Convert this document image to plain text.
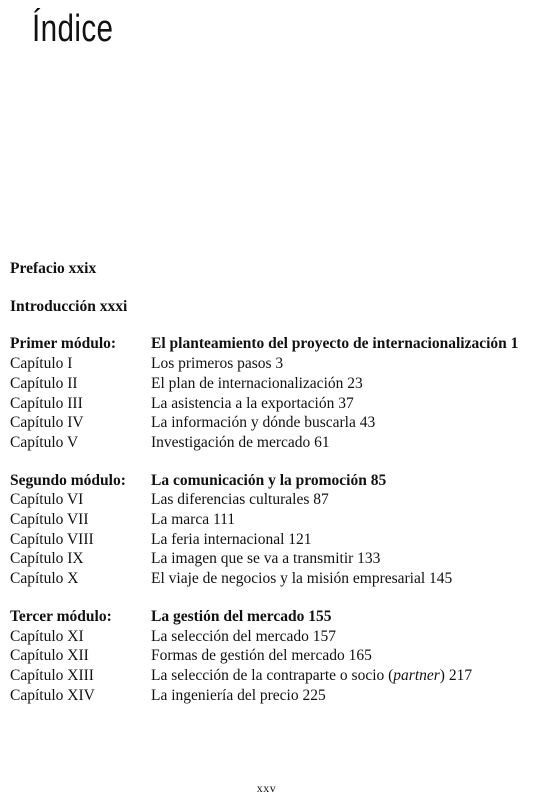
Índice
Prefacio xxix
Introducción xxxi
Primer módulo:	El planteamiento del proyecto de internacionalización 1
Capítulo I	Los primeros pasos 3
Capítulo II	El plan de internacionalización 23
Capítulo III	La asistencia a la exportación 37
Capítulo IV	La información y dónde buscarla 43
Capítulo V	Investigación de mercado 61
Segundo módulo:	La comunicación y la promoción 85
Capítulo VI	Las diferencias culturales 87
Capítulo VII	La marca 111
Capítulo VIII	La feria internacional 121
Capítulo IX	La imagen que se va a transmitir 133
Capítulo X	El viaje de negocios y la misión empresarial 145
Tercer módulo:	La gestión del mercado 155
Capítulo XI	La selección del mercado 157
Capítulo XII	Formas de gestión del mercado 165
Capítulo XIII	La selección de la contraparte o socio (partner) 217
Capítulo XIV	La ingeniería del precio 225
xxv
